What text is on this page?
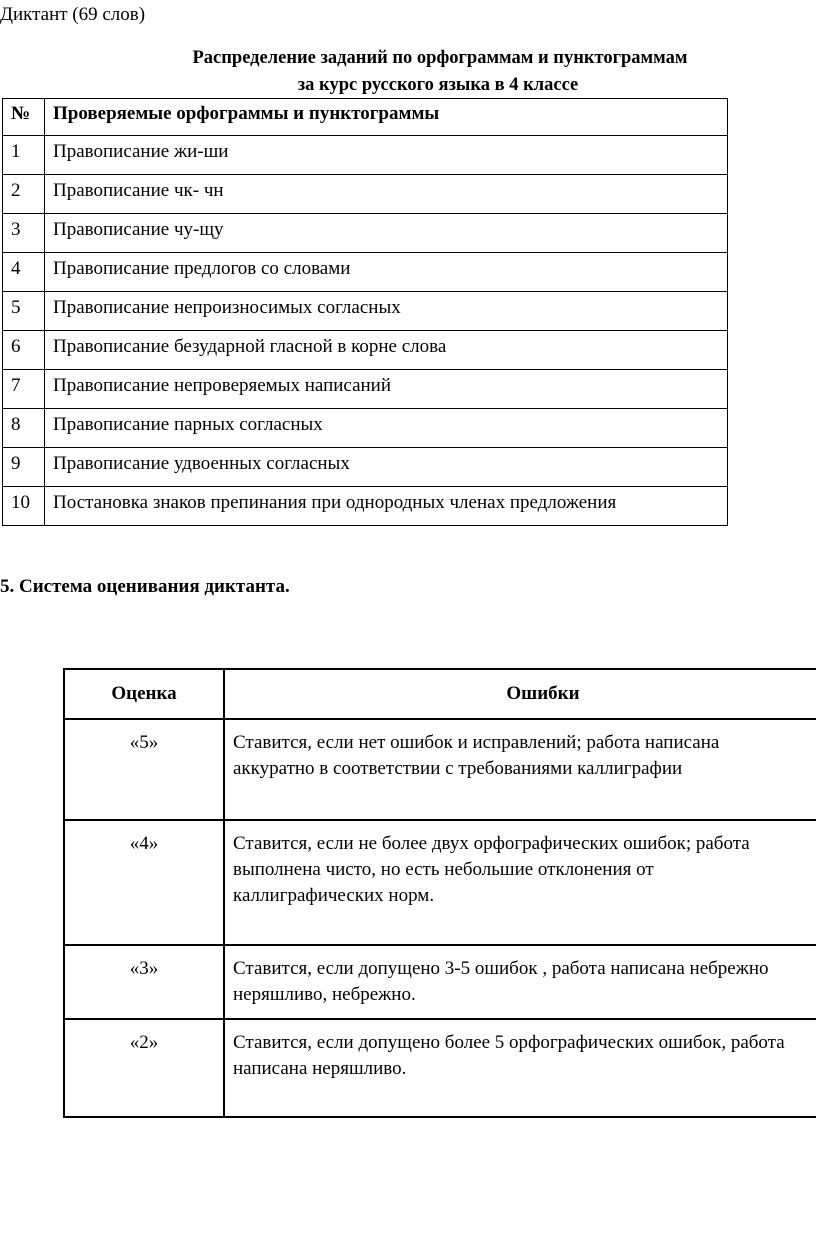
Диктант (69 слов)
Распределение заданий по орфограммам и пунктограммам
за курс русского языка в 4 классе
№	Проверяемые орфограммы и пунктограммы
1	Правописание жи-ши
2	Правописание чк- чн
3	Правописание чу-щу
4	Правописание предлогов со словами
5	Правописание непроизносимых согласных
6	Правописание безударной гласной в корне слова
7	Правописание непроверяемых написаний
8	Правописание парных согласных
9	Правописание удвоенных согласных
10	Постановка знаков препинания при однородных членах предложения
5. Система оценивания диктанта.
Оценка	Ошибки
«5»	Ставится, если нет ошибок и исправлений; работа написана
аккуратно в соответствии с требованиями каллиграфии

«4»	Ставится, если не более двух орфографических ошибок; работа
выполнена чисто, но есть небольшие отклонения от
каллиграфических норм.

«3»	Ставится, если допущено 3-5 ошибок , работа написана небрежно
неряшливо, небрежно.

«2»	Ставится, если допущено более 5 орфографических ошибок, работа
написана неряшливо.
